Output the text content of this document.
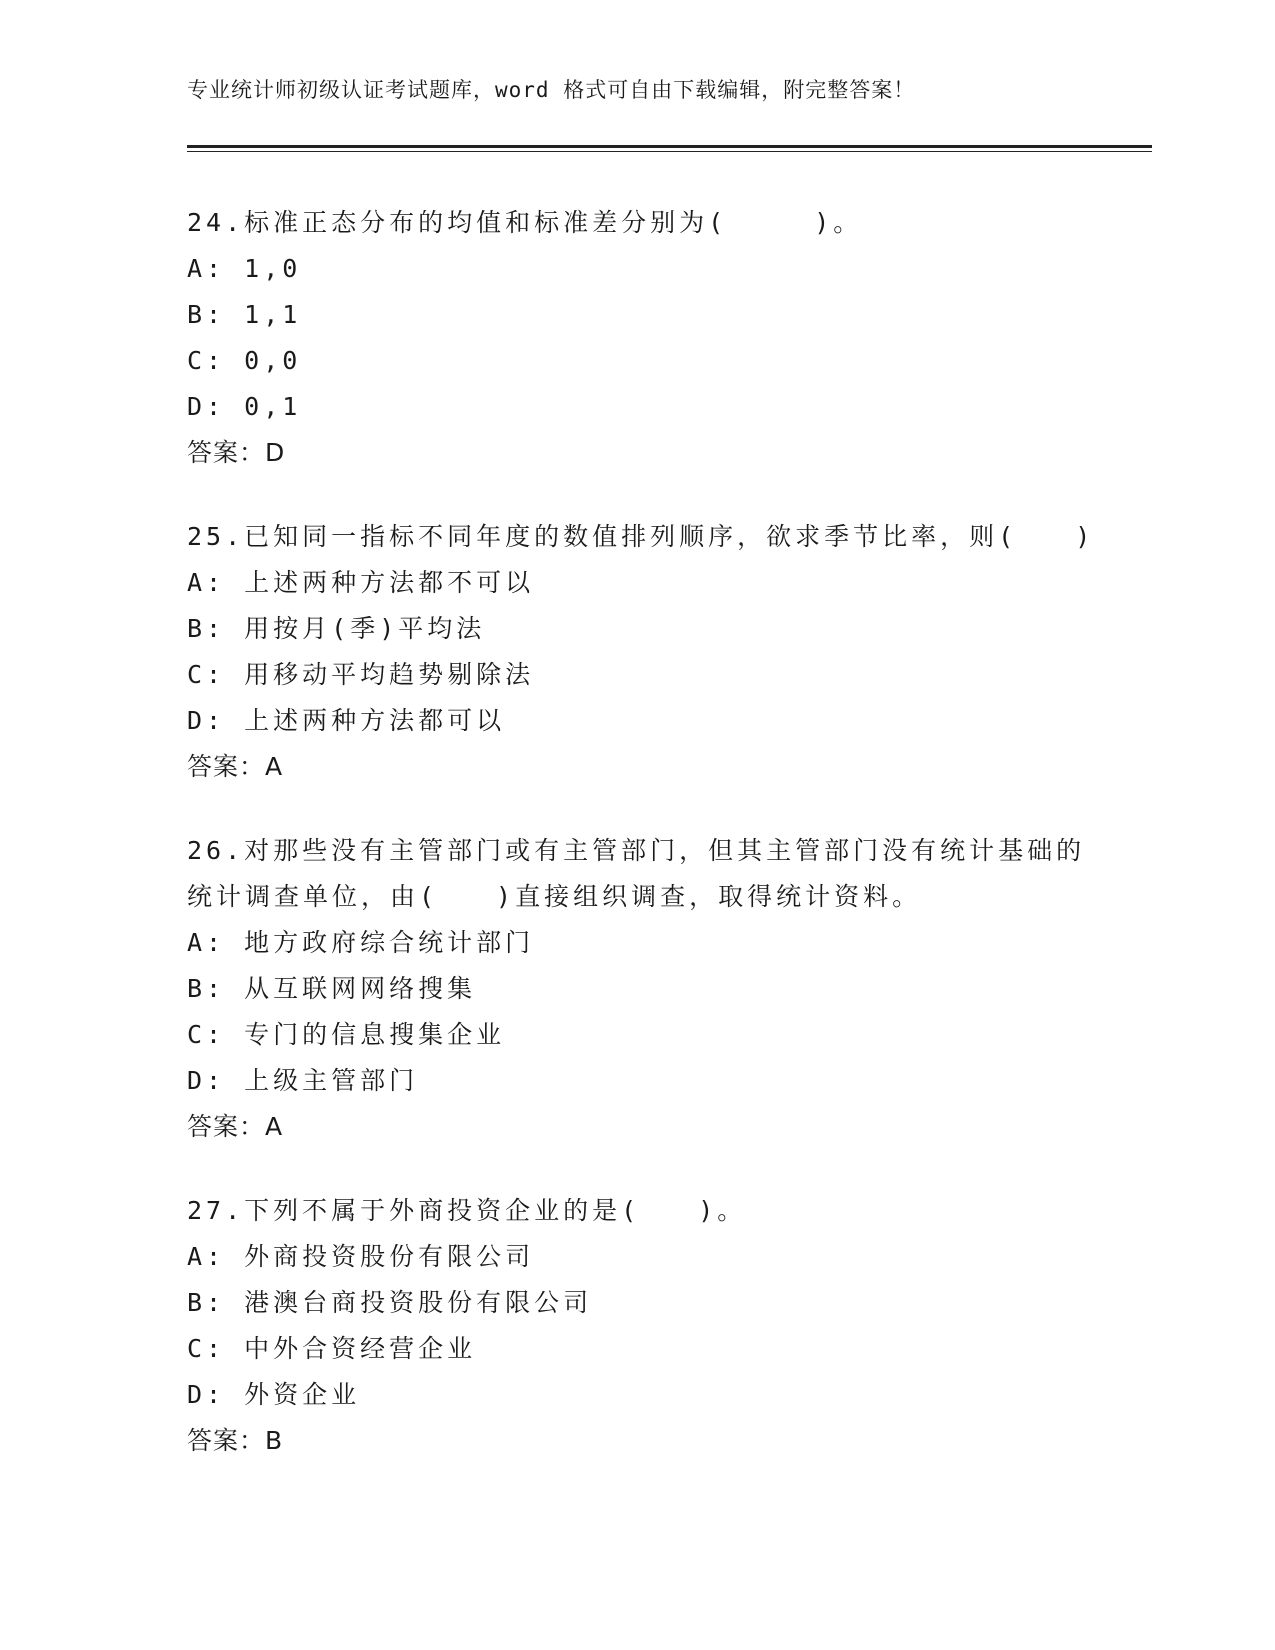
专业统计师初级认证考试题库，word 格式可自由下载编辑，附完整答案！
24.标准正态分布的均值和标准差分别为(　　　)。
A: 1,0
B: 1,1
C: 0,0
D: 0,1
答案：D
25.已知同一指标不同年度的数值排列顺序，欲求季节比率，则(　　)
A: 上述两种方法都不可以
B: 用按月(季)平均法
C: 用移动平均趋势剔除法
D: 上述两种方法都可以
答案：A
26.对那些没有主管部门或有主管部门，但其主管部门没有统计基础的统计调查单位，由(　　)直接组织调查，取得统计资料。
A: 地方政府综合统计部门
B: 从互联网网络搜集
C: 专门的信息搜集企业
D: 上级主管部门
答案：A
27.下列不属于外商投资企业的是(　　)。
A: 外商投资股份有限公司
B: 港澳台商投资股份有限公司
C: 中外合资经营企业
D: 外资企业
答案：B
